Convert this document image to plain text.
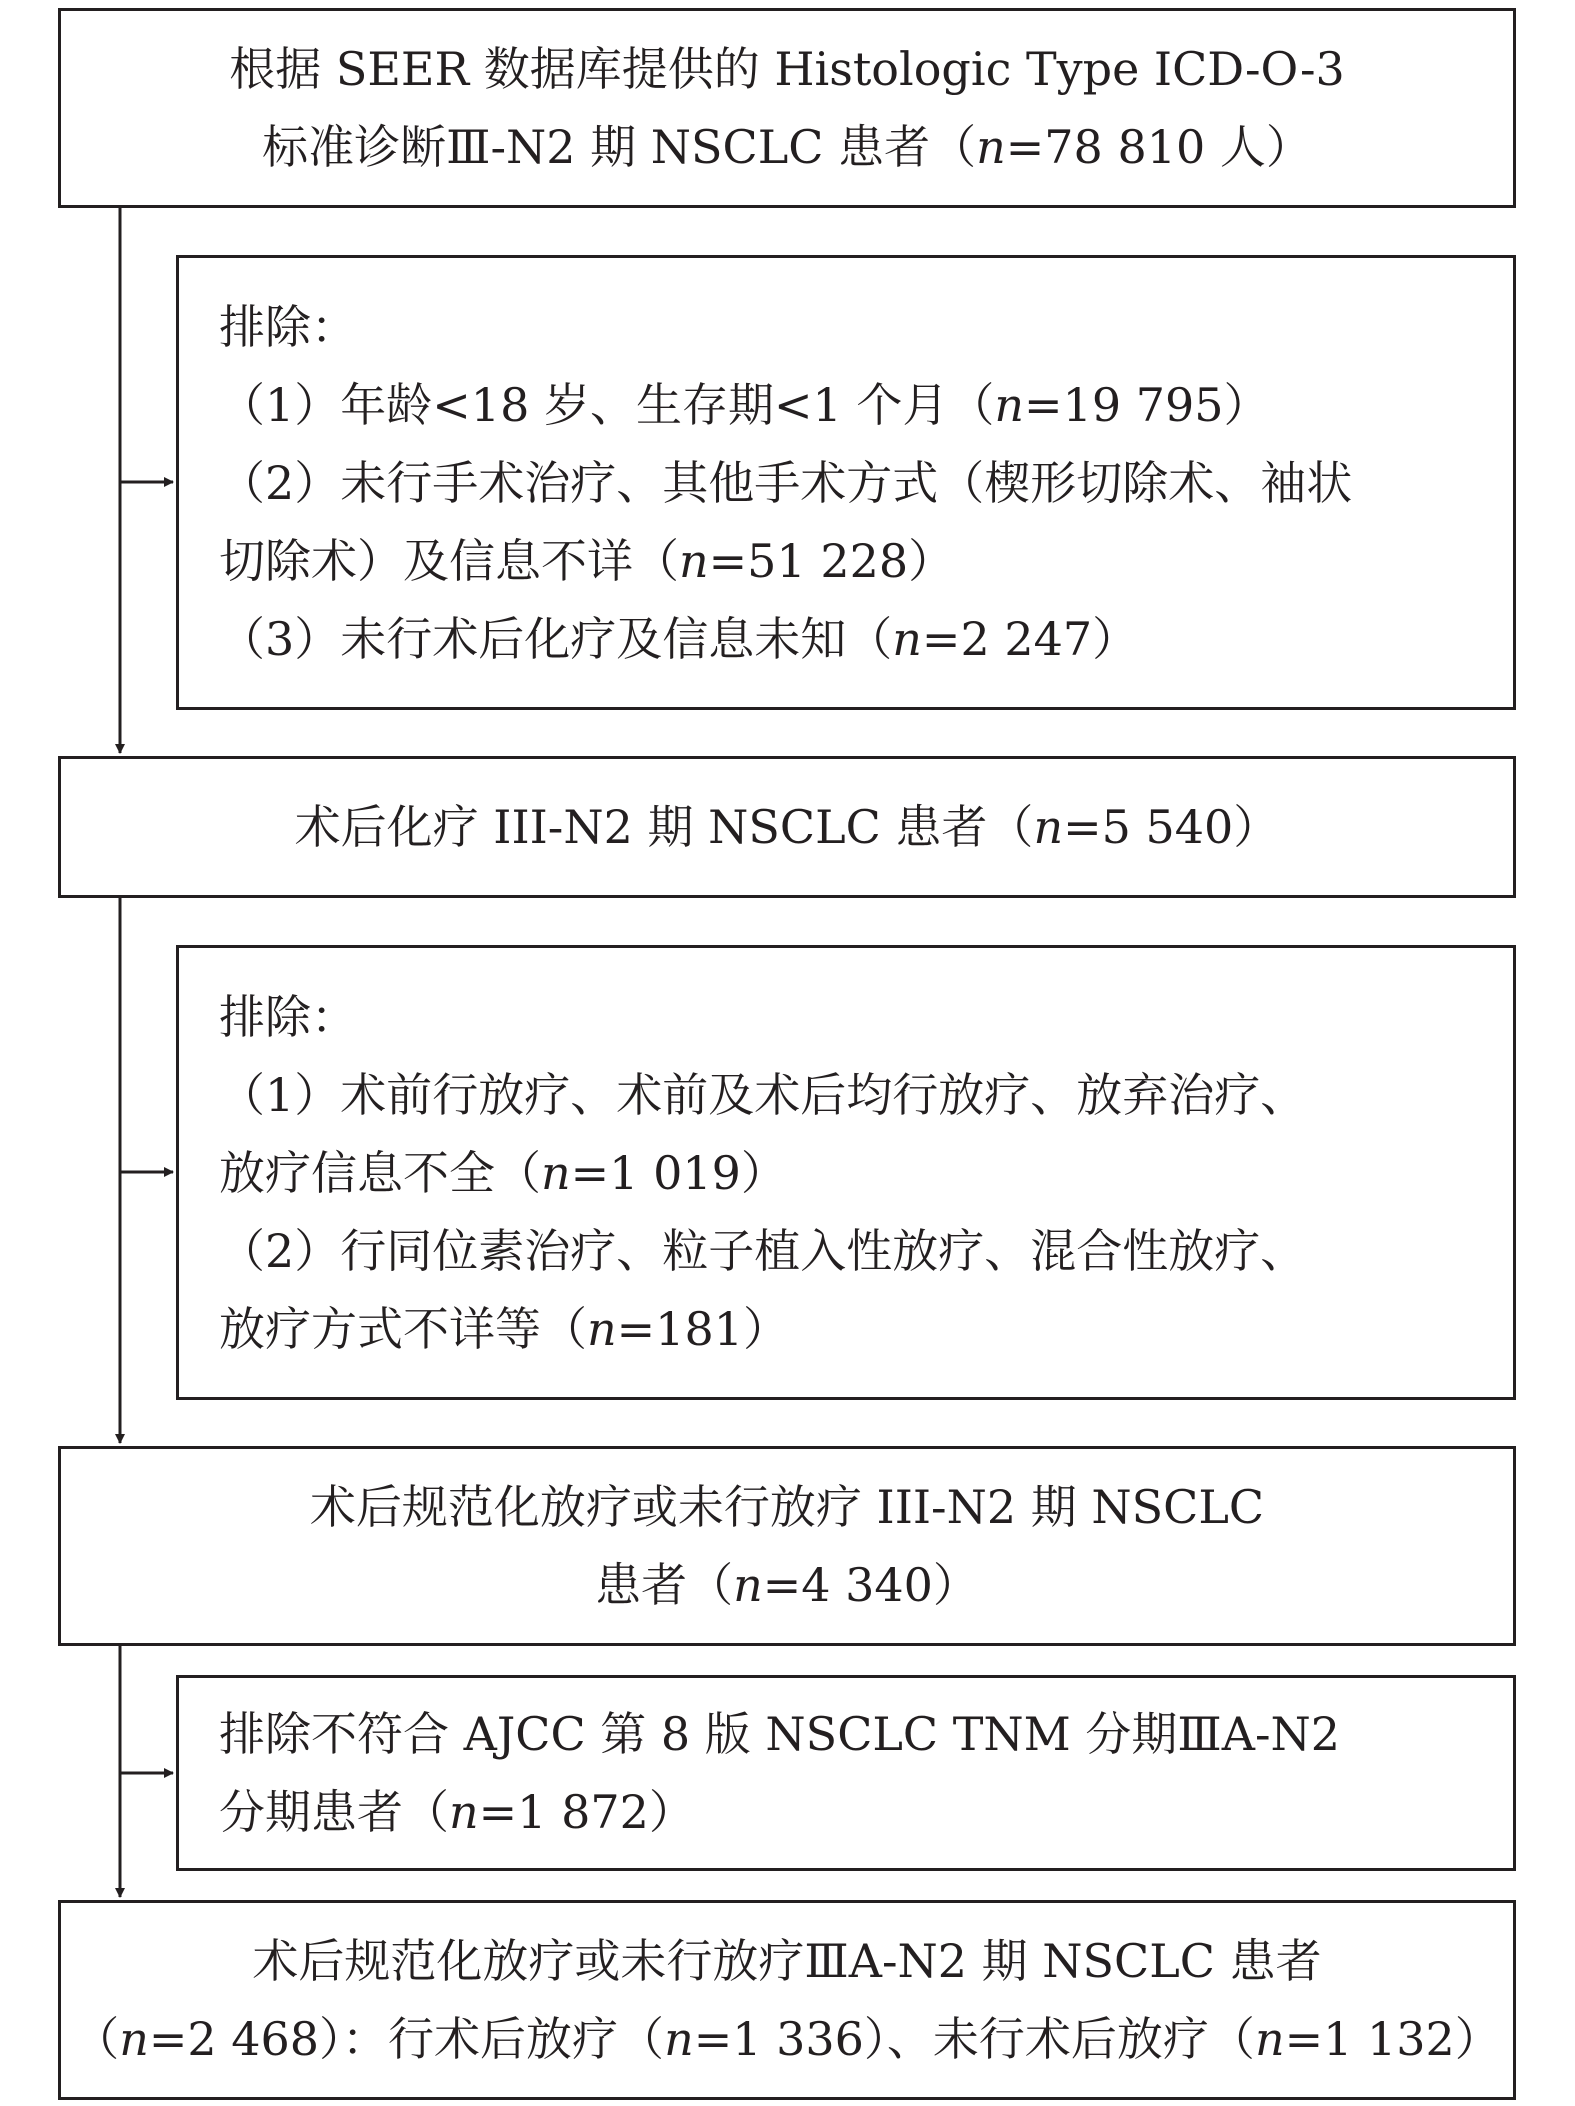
根据 SEER 数据库提供的 Histologic Type ICD-O-3
标准诊断Ⅲ-N2 期 NSCLC 患者（n=78 810 人）
排除：
（1）年龄<18 岁、生存期<1 个月（n=19 795）
（2）未行手术治疗、其他手术方式（楔形切除术、袖状
切除术）及信息不详（n=51 228）
（3）未行术后化疗及信息未知（n=2 247）
术后化疗 III-N2 期 NSCLC 患者（n=5 540）
排除：
（1）术前行放疗、术前及术后均行放疗、放弃治疗、
放疗信息不全（n=1 019）
（2）行同位素治疗、粒子植入性放疗、混合性放疗、
放疗方式不详等（n=181）
术后规范化放疗或未行放疗 III-N2 期 NSCLC
患者（n=4 340）
排除不符合 AJCC 第 8 版 NSCLC TNM 分期ⅢA-N2
分期患者（n=1 872）
术后规范化放疗或未行放疗ⅢA-N2 期 NSCLC 患者
（n=2 468）：行术后放疗（n=1 336）、未行术后放疗（n=1 132）
